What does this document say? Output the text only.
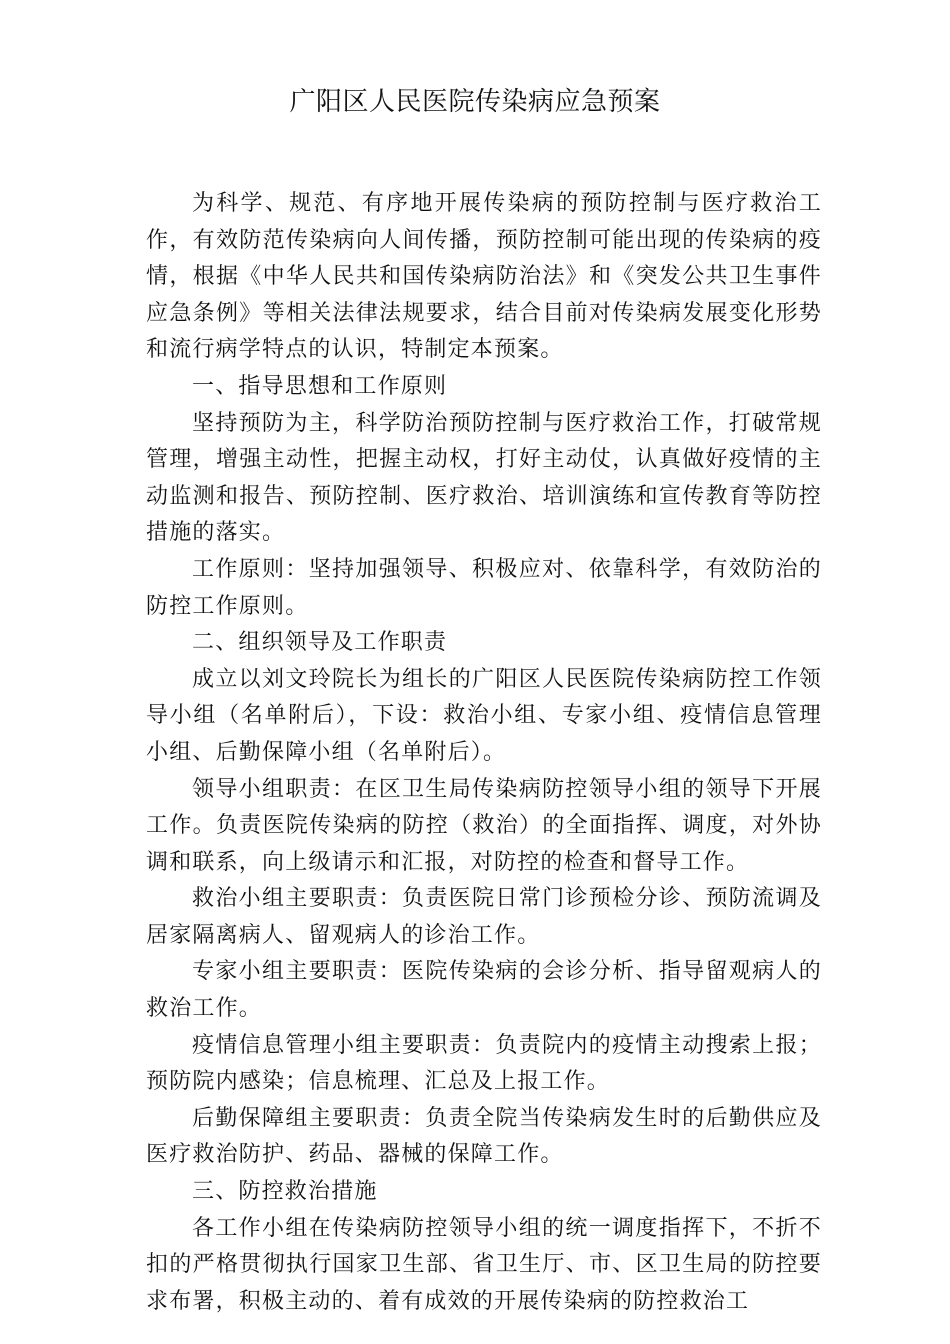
广阳区人民医院传染病应急预案

为科学、规范、有序地开展传染病的预防控制与医疗救治工作，有效防范传染病向人间传播，预防控制可能出现的传染病的疫情，根据《中华人民共和国传染病防治法》和《突发公共卫生事件应急条例》等相关法律法规要求，结合目前对传染病发展变化形势和流行病学特点的认识，特制定本预案。

一、指导思想和工作原则

坚持预防为主，科学防治预防控制与医疗救治工作，打破常规管理，增强主动性，把握主动权，打好主动仗，认真做好疫情的主动监测和报告、预防控制、医疗救治、培训演练和宣传教育等防控措施的落实。

工作原则：坚持加强领导、积极应对、依靠科学，有效防治的防控工作原则。

二、组织领导及工作职责

成立以刘文玲院长为组长的广阳区人民医院传染病防控工作领导小组（名单附后），下设：救治小组、专家小组、疫情信息管理小组、后勤保障小组（名单附后）。

领导小组职责：在区卫生局传染病防控领导小组的领导下开展工作。负责医院传染病的防控（救治）的全面指挥、调度，对外协调和联系，向上级请示和汇报，对防控的检查和督导工作。

救治小组主要职责：负责医院日常门诊预检分诊、预防流调及居家隔离病人、留观病人的诊治工作。

专家小组主要职责：医院传染病的会诊分析、指导留观病人的救治工作。

疫情信息管理小组主要职责：负责院内的疫情主动搜索上报；预防院内感染；信息梳理、汇总及上报工作。

后勤保障组主要职责：负责全院当传染病发生时的后勤供应及医疗救治防护、药品、器械的保障工作。

三、防控救治措施

各工作小组在传染病防控领导小组的统一调度指挥下，不折不扣的严格贯彻执行国家卫生部、省卫生厅、市、区卫生局的防控要求布署，积极主动的、着有成效的开展传染病的防控救治工
